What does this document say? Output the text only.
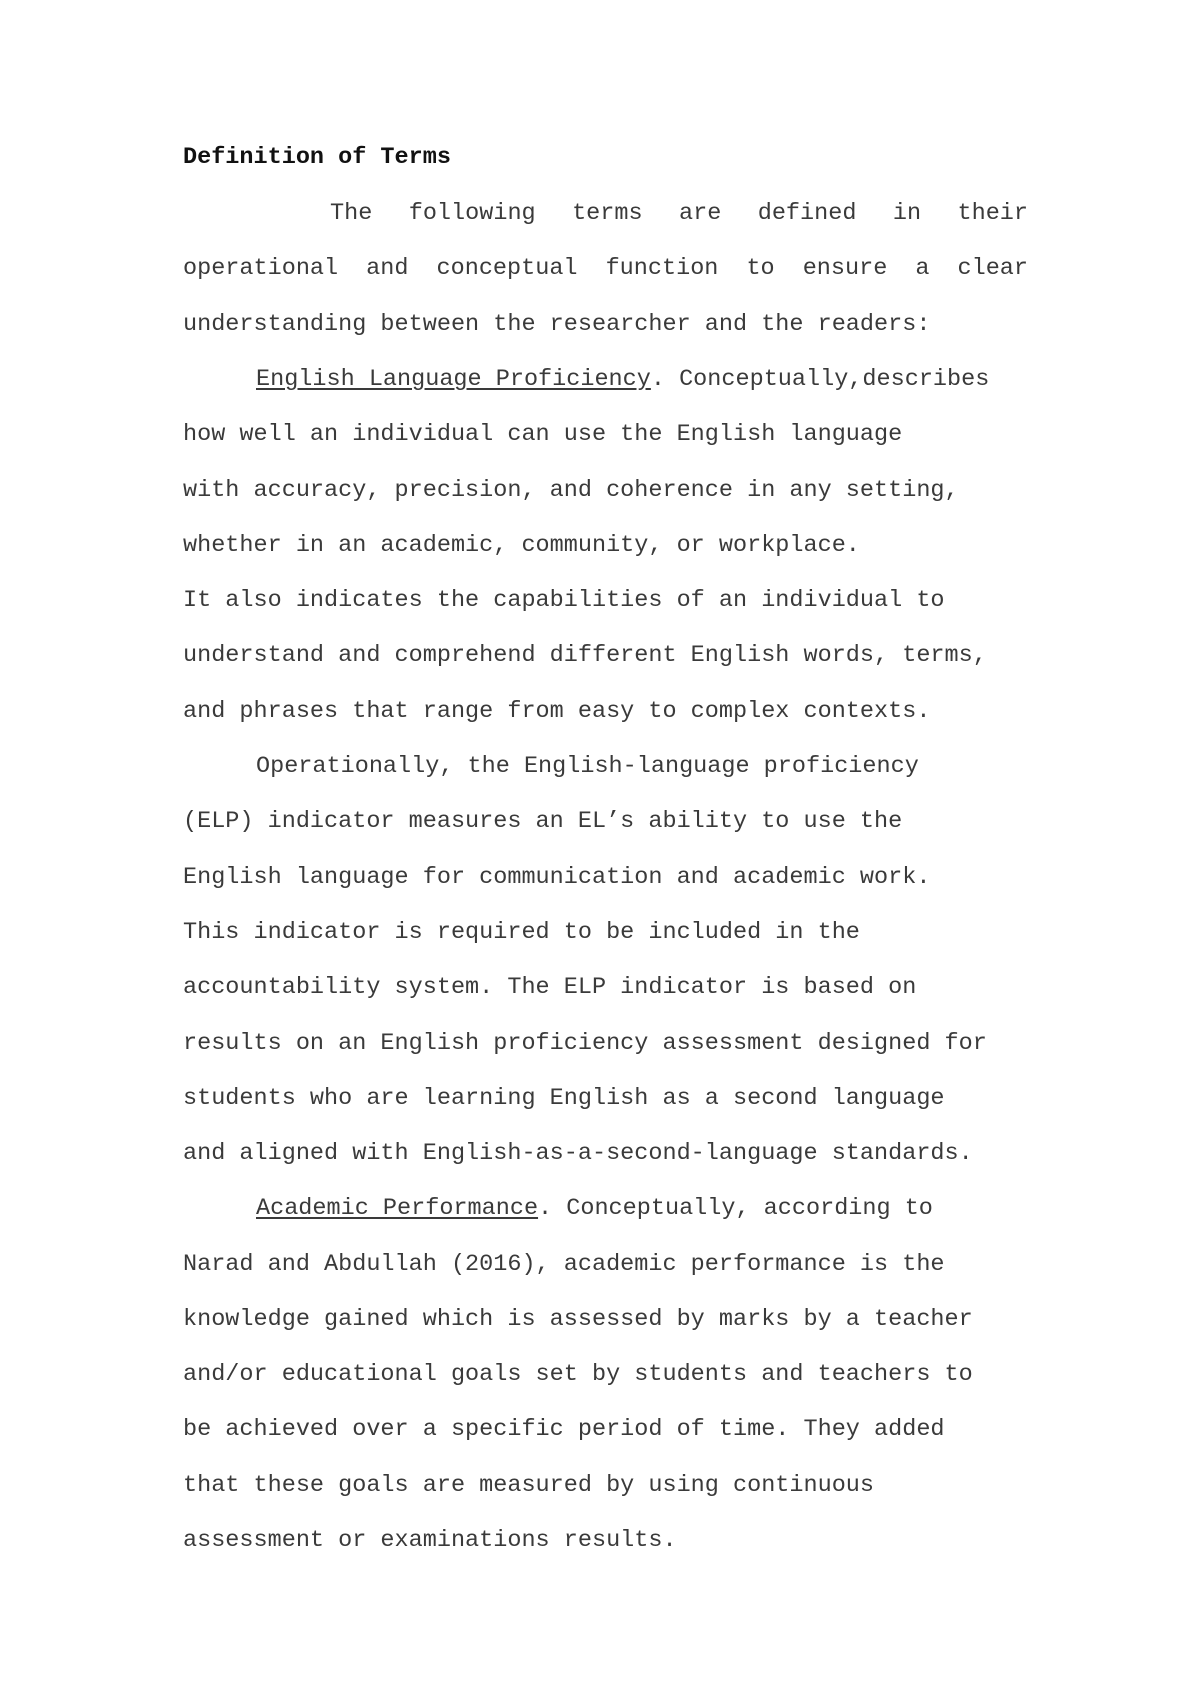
Definition of Terms
The following terms are defined in their
operational and conceptual function to ensure a clear
understanding between the researcher and the readers:
English Language Proficiency. Conceptually,describes
how well an individual can use the English language
with accuracy, precision, and coherence in any setting,
whether in an academic, community, or workplace.
It also indicates the capabilities of an individual to
understand and comprehend different English words, terms,
and phrases that range from easy to complex contexts.
Operationally, the English-language proficiency
(ELP) indicator measures an EL’s ability to use the
English language for communication and academic work.
This indicator is required to be included in the
accountability system. The ELP indicator is based on
results on an English proficiency assessment designed for
students who are learning English as a second language
and aligned with English-as-a-second-language standards.
Academic Performance. Conceptually, according to
Narad and Abdullah (2016), academic performance is the
knowledge gained which is assessed by marks by a teacher
and/or educational goals set by students and teachers to
be achieved over a specific period of time. They added
that these goals are measured by using continuous
assessment or examinations results.
